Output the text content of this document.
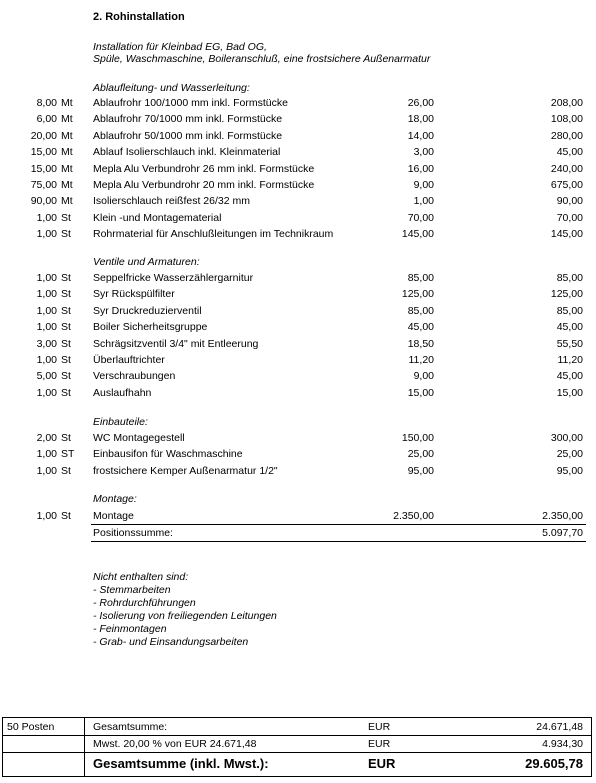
2. Rohinstallation
Installation für Kleinbad EG, Bad OG,
Spüle, Waschmaschine, Boileranschluß, eine frostsichere Außenarmatur
Ablaufleitung- und Wasserleitung:
8,00 Mt Ablaufrohr 100/1000 mm inkl. Formstücke	26,00	208,00
6,00 Mt Ablaufrohr 70/1000 mm inkl. Formstücke	18,00	108,00
20,00 Mt Ablaufrohr 50/1000 mm inkl. Formstücke	14,00	280,00
15,00 Mt Ablauf Isolierschlauch inkl. Kleinmaterial	3,00	45,00
15,00 Mt Mepla Alu Verbundrohr 26 mm inkl. Formstücke	16,00	240,00
75,00 Mt Mepla Alu Verbundrohr 20 mm inkl. Formstücke	9,00	675,00
90,00 Mt Isolierschlauch reißfest 26/32 mm	1,00	90,00
1,00 St Klein -und Montagematerial	70,00	70,00
1,00 St Rohrmaterial für Anschlußleitungen im Technikraum	145,00	145,00
Ventile und Armaturen:
1,00 St Seppelfricke Wasserzählergarnitur	85,00	85,00
1,00 St Syr Rückspülfilter	125,00	125,00
1,00 St Syr Druckreduzierventil	85,00	85,00
1,00 St Boiler Sicherheitsgruppe	45,00	45,00
3,00 St Schrägsitzventil 3/4" mit Entleerung	18,50	55,50
1,00 St Überlauftrichter	11,20	11,20
5,00 St Verschraubungen	9,00	45,00
1,00 St Auslaufhahn	15,00	15,00
Einbauteile:
2,00 St WC Montagegestell	150,00	300,00
1,00 ST Einbausifon für Waschmaschine	25,00	25,00
1,00 St frostsichere Kemper Außenarmatur 1/2"	95,00	95,00
Montage:
1,00 St Montage	2.350,00	2.350,00
Positionssumme:	5.097,70
Nicht enthalten sind:
- Stemmarbeiten
- Rohrdurchführungen
- Isolierung von freiliegenden Leitungen
- Feinmontagen
- Grab- und Einsandungsarbeiten
50 Posten	Gesamtsumme:	EUR	24.671,48
Mwst. 20,00 % von EUR 24.671,48	EUR	4.934,30
Gesamtsumme (inkl. Mwst.):	EUR	29.605,78
